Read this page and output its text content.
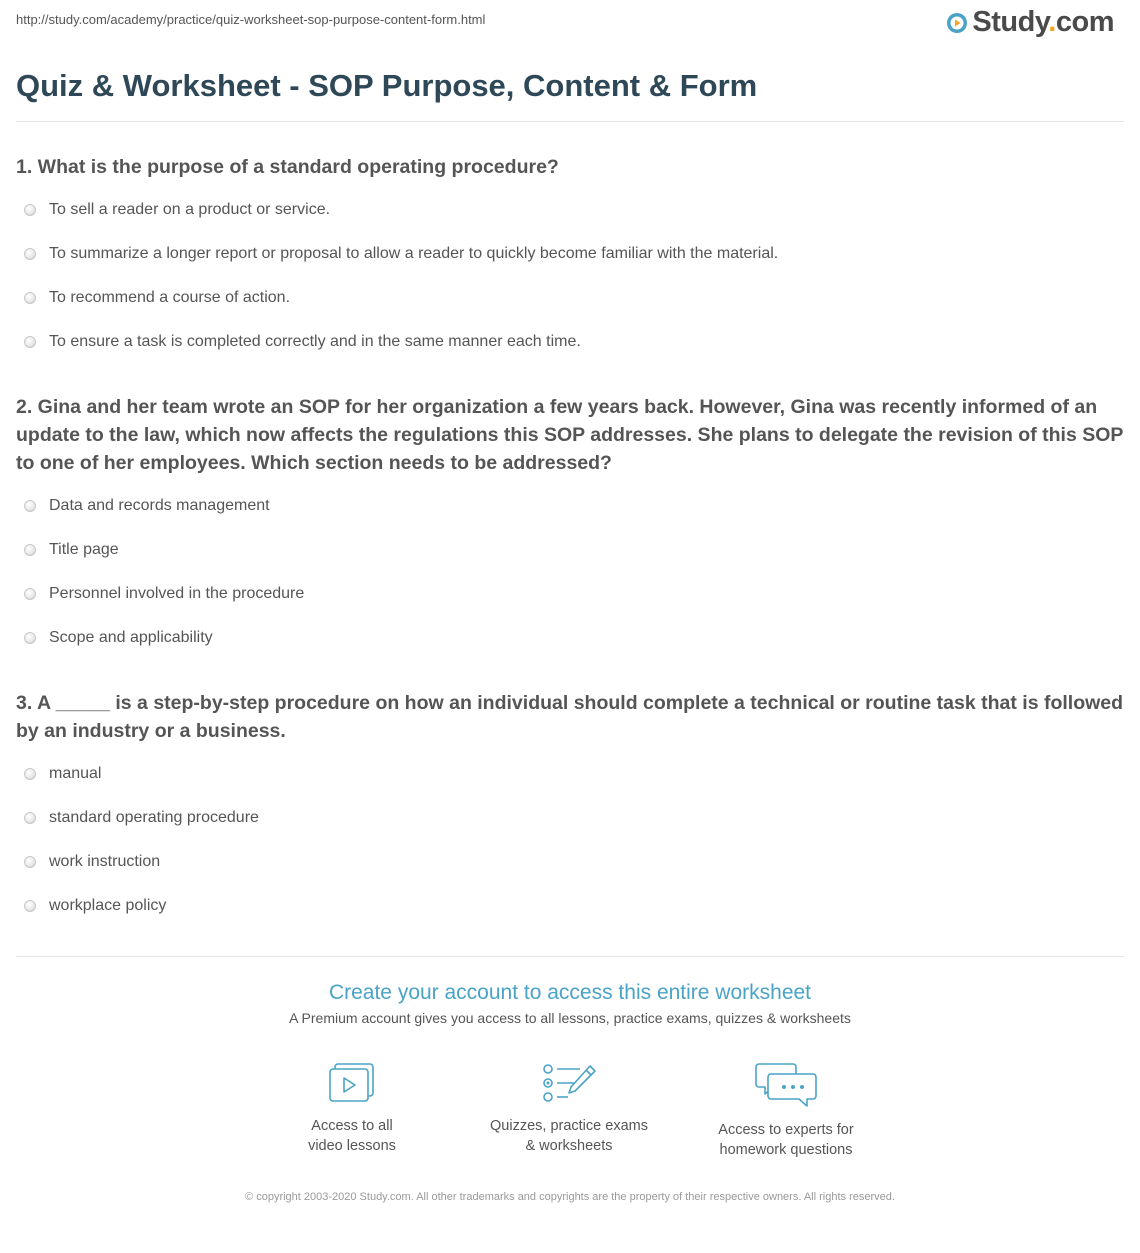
http://study.com/academy/practice/quiz-worksheet-sop-purpose-content-form.html	Study.com
Quiz & Worksheet - SOP Purpose, Content & Form

1. What is the purpose of a standard operating procedure?

To sell a reader on a product or service.
To summarize a longer report or proposal to allow a reader to quickly become familiar with the material.
To recommend a course of action.
To ensure a task is completed correctly and in the same manner each time.

2. Gina and her team wrote an SOP for her organization a few years back. However, Gina was recently informed of an update to the law, which now affects the regulations this SOP addresses. She plans to delegate the revision of this SOP to one of her employees. Which section needs to be addressed?

Data and records management
Title page
Personnel involved in the procedure
Scope and applicability

3. A _____ is a step-by-step procedure on how an individual should complete a technical or routine task that is followed by an industry or a business.

manual
standard operating procedure
work instruction
workplace policy

Create your account to access this entire worksheet

A Premium account gives you access to all lessons, practice exams, quizzes & worksheets
Access to all
video lessons
Quizzes, practice exams
& worksheets
Access to experts for
homework questions
© copyright 2003-2020 Study.com. All other trademarks and copyrights are the property of their respective owners. All rights reserved.
